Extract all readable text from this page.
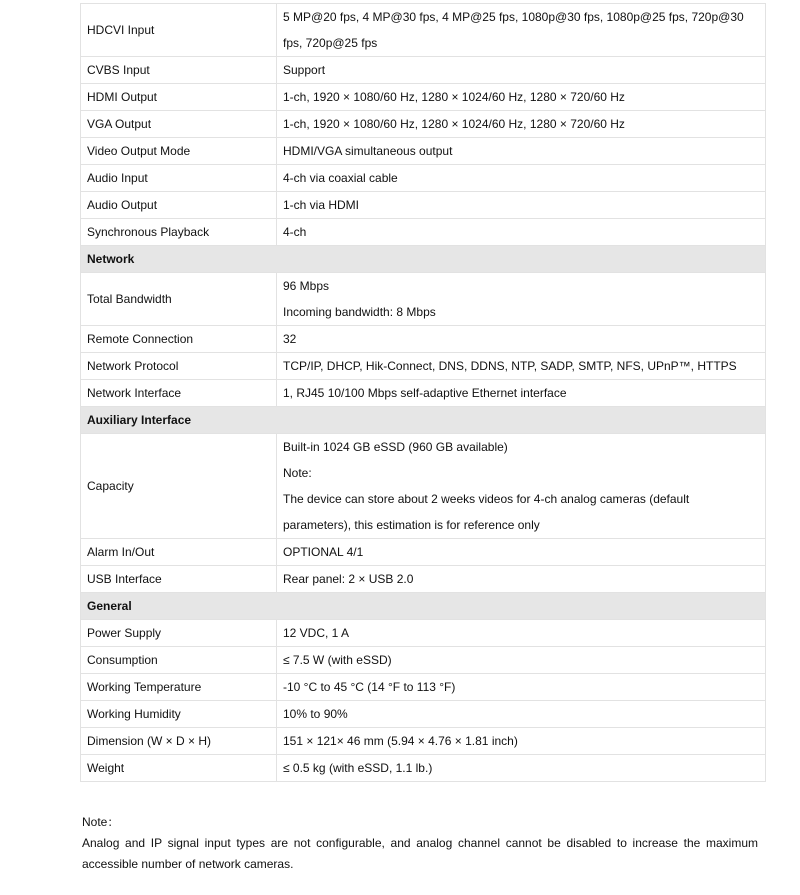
HDCVI Input	5 MP@20 fps, 4 MP@30 fps, 4 MP@25 fps, 1080p@30 fps, 1080p@25 fps, 720p@30 fps, 720p@25 fps

CVBS Input	Support

HDMI Output	1-ch, 1920 × 1080/60 Hz, 1280 × 1024/60 Hz, 1280 × 720/60 Hz

VGA Output	1-ch, 1920 × 1080/60 Hz, 1280 × 1024/60 Hz, 1280 × 720/60 Hz

Video Output Mode	HDMI/VGA simultaneous output

Audio Input	4-ch via coaxial cable

Audio Output	1-ch via HDMI

Synchronous Playback	4-ch

Network	
Total Bandwidth	96 Mbps
Incoming bandwidth: 8 Mbps

Remote Connection	32

Network Protocol	TCP/IP, DHCP, Hik-Connect, DNS, DDNS, NTP, SADP, SMTP, NFS, UPnP™, HTTPS

Network Interface	1, RJ45 10/100 Mbps self-adaptive Ethernet interface

Auxiliary Interface	
Capacity	Built-in 1024 GB eSSD (960 GB available)
Note:
The device can store about 2 weeks videos for 4-ch analog cameras (default parameters), this estimation is for reference only

Alarm In/Out	OPTIONAL 4/1

USB Interface	Rear panel: 2 × USB 2.0

General	
Power Supply	12 VDC, 1 A

Consumption	≤ 7.5 W (with eSSD)

Working Temperature	-10 °C to 45 °C (14 °F to 113 °F)

Working Humidity	10% to 90%

Dimension (W × D × H)	151 × 121× 46 mm (5.94 × 4.76 × 1.81 inch)

Weight	≤ 0.5 kg (with eSSD, 1.1 lb.)
Note：
Analog and IP signal input types are not configurable, and analog channel cannot be disabled to increase the maximum accessible number of network cameras.
